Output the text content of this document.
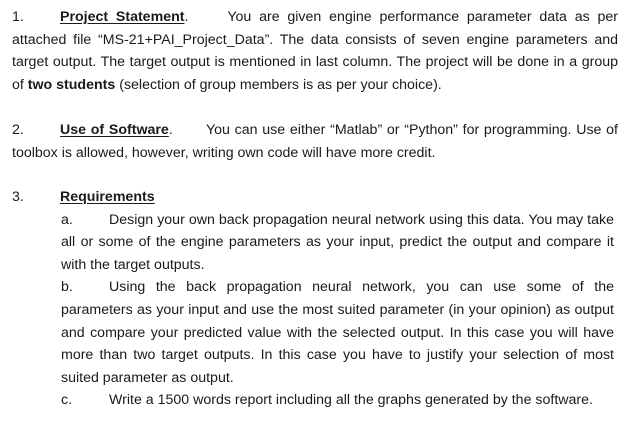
1.	Project Statement.	You are given engine performance parameter data as per attached file “MS-21+PAI_Project_Data”. The data consists of seven engine parameters and target output. The target output is mentioned in last column. The project will be done in a group of two students (selection of group members is as per your choice).
2.	Use of Software. You can use either “Matlab” or “Python” for programming. Use of toolbox is allowed, however, writing own code will have more credit.
3.	Requirements
a.	Design your own back propagation neural network using this data. You may take all or some of the engine parameters as your input, predict the output and compare it with the target outputs.
b.	Using the back propagation neural network, you can use some of the parameters as your input and use the most suited parameter (in your opinion) as output and compare your predicted value with the selected output. In this case you will have more than two target outputs. In this case you have to justify your selection of most suited parameter as output.
c.	Write a 1500 words report including all the graphs generated by the software.
